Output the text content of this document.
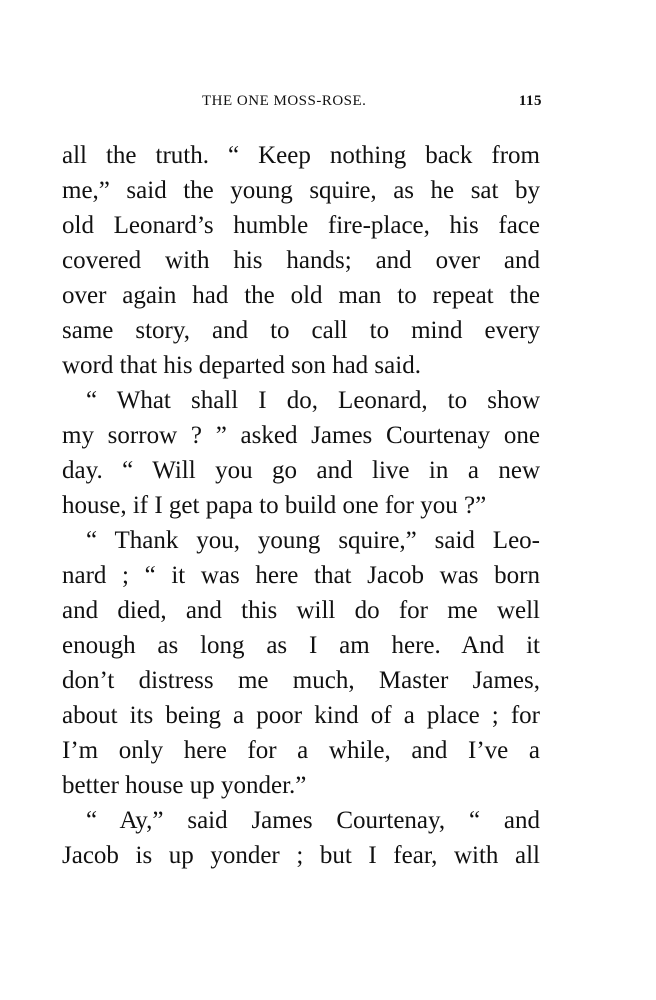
THE ONE MOSS-ROSE.	115
all the truth. “ Keep nothing back from
me,” said the young squire, as he sat by
old Leonard’s humble fire-place, his face
covered with his hands; and over and
over again had the old man to repeat the
same story, and to call to mind every
word that his departed son had said.
“ What shall I do, Leonard, to show
my sorrow ? ” asked James Courtenay one
day. “ Will you go and live in a new
house, if I get papa to build one for you ?”
“ Thank you, young squire,” said Leo-
nard ; “ it was here that Jacob was born
and died, and this will do for me well
enough as long as I am here. And it
don’t distress me much, Master James,
about its being a poor kind of a place ; for
I’m only here for a while, and I’ve a
better house up yonder.”
“ Ay,” said James Courtenay, “ and
Jacob is up yonder ; but I fear, with all
